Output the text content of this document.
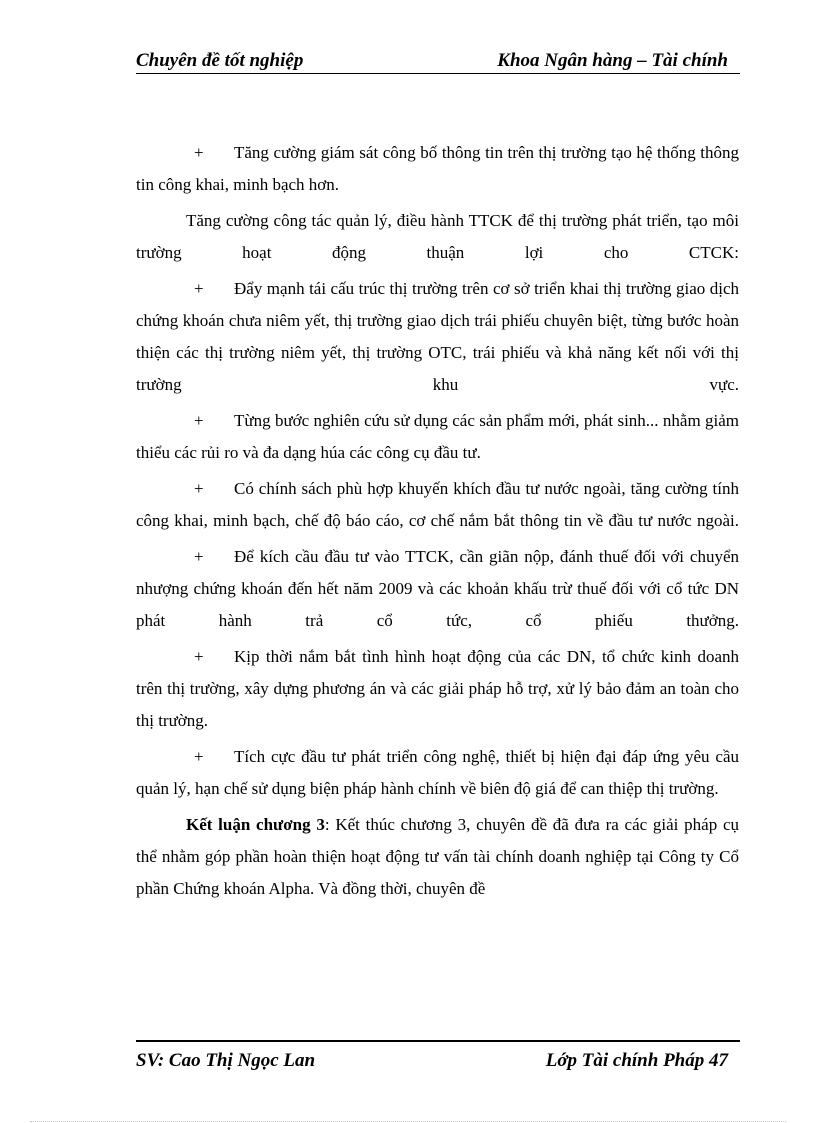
Chuyên đề tốt nghiệp	Khoa Ngân hàng – Tài chính

+ Tăng cường giám sát công bố thông tin trên thị trường tạo hệ thống thông tin công khai, minh bạch hơn.

Tăng cường công tác quản lý, điều hành TTCK để thị trường phát triển, tạo môi trường hoạt động thuận lợi cho CTCK:

+ Đẩy mạnh tái cấu trúc thị trường trên cơ sở triển khai thị trường giao dịch chứng khoán chưa niêm yết, thị trường giao dịch trái phiếu chuyên biệt, từng bước hoàn thiện các thị trường niêm yết, thị trường OTC, trái phiếu và khả năng kết nối với thị trường khu vực.

+ Từng bước nghiên cứu sử dụng các sản phẩm mới, phát sinh... nhằm giảm thiểu các rủi ro và đa dạng húa các công cụ đầu tư.

+ Có chính sách phù hợp khuyến khích đầu tư nước ngoài, tăng cường tính công khai, minh bạch, chế độ báo cáo, cơ chế nắm bắt thông tin về đầu tư nước ngoài.

+ Để kích cầu đầu tư vào TTCK, cần giãn nộp, đánh thuế đối với chuyển nhượng chứng khoán đến hết năm 2009 và các khoản khấu trừ thuế đối với cổ tức DN phát hành trả cổ tức, cổ phiếu thưởng.

+ Kịp thời nắm bắt tình hình hoạt động của các DN, tổ chức kinh doanh trên thị trường, xây dựng phương án và các giải pháp hỗ trợ, xử lý bảo đảm an toàn cho thị trường.

+ Tích cực đầu tư phát triển công nghệ, thiết bị hiện đại đáp ứng yêu cầu quản lý, hạn chế sử dụng biện pháp hành chính về biên độ giá để can thiệp thị trường.

Kết luận chương 3: Kết thúc chương 3, chuyên đề đã đưa ra các giải pháp cụ thể nhằm góp phần hoàn thiện hoạt động tư vấn tài chính doanh nghiệp tại Công ty Cổ phần Chứng khoán Alpha. Và đồng thời, chuyên đề

SV: Cao Thị Ngọc Lan	Lớp Tài chính Pháp 47
